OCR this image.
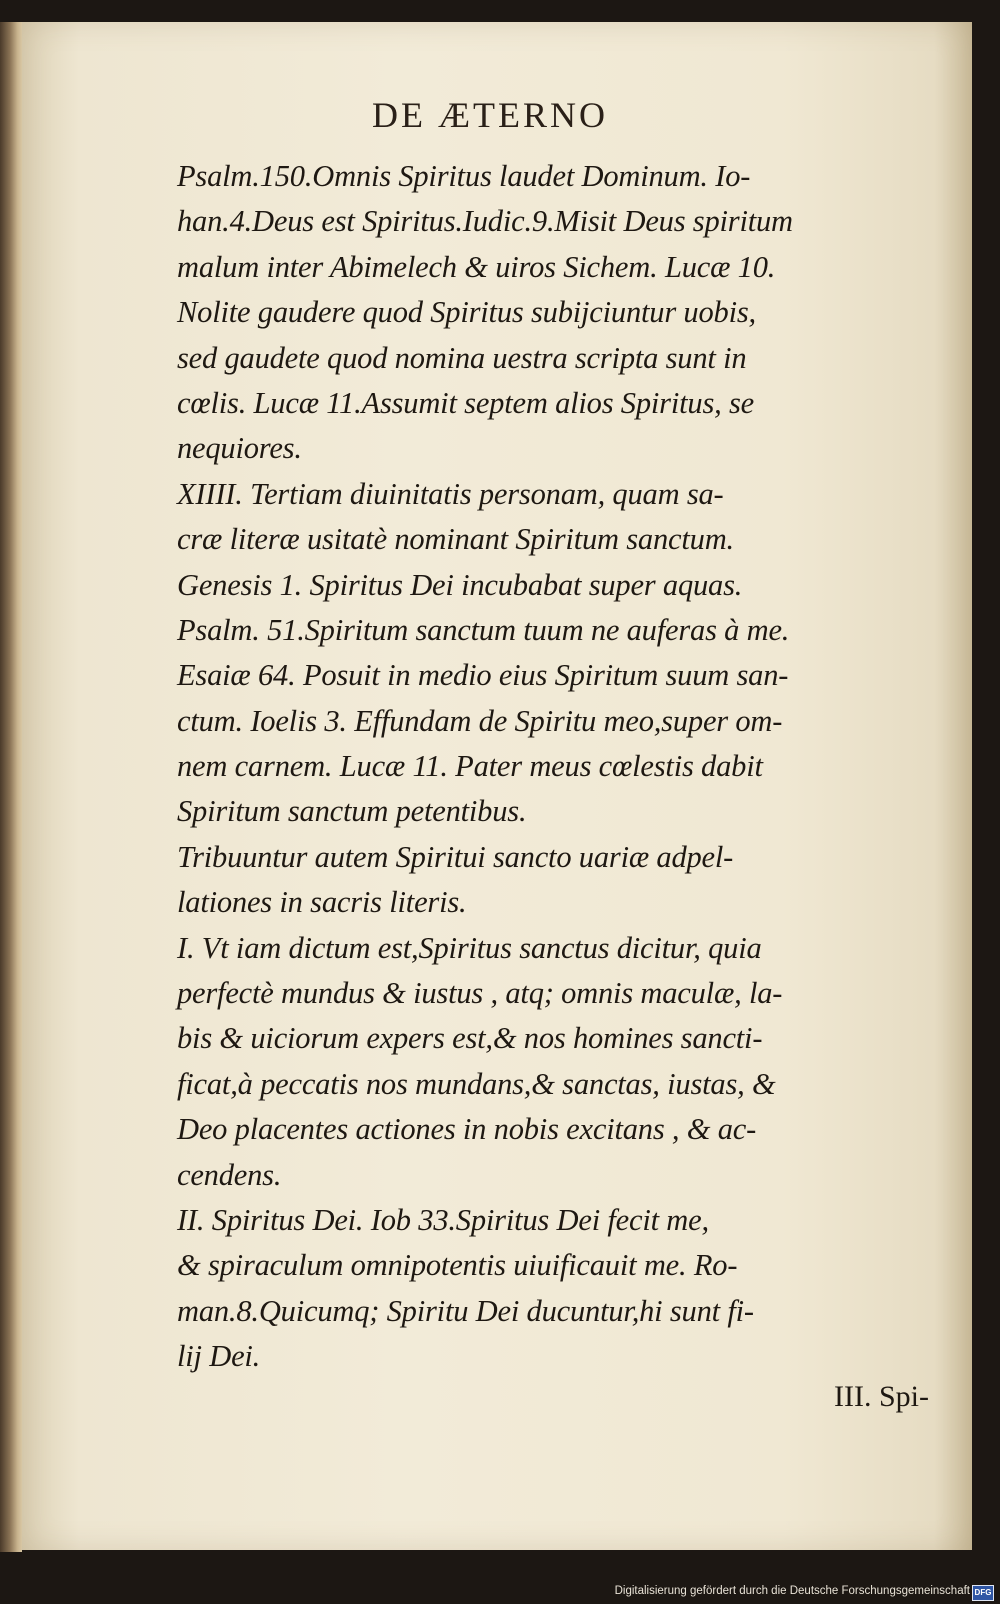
DE ÆTERNO
Psalm.150.Omnis Spiritus laudet Dominum. Io-
han.4.Deus est Spiritus.Iudic.9.Misit Deus spiritum
malum inter Abimelech & uiros Sichem. Lucæ 10.
Nolite gaudere quod Spiritus subijciuntur uobis,
sed gaudete quod nomina uestra scripta sunt in
cœlis. Lucæ 11.Assumit septem alios Spiritus, se
nequiores.
XIIII. Tertiam diuinitatis personam, quam sa-
cræ literæ usitatè nominant Spiritum sanctum.
Genesis 1. Spiritus Dei incubabat super aquas.
Psalm. 51.Spiritum sanctum tuum ne auferas à me.
Esaiæ 64. Posuit in medio eius Spiritum suum san-
ctum. Ioelis 3. Effundam de Spiritu meo,super om-
nem carnem. Lucæ 11. Pater meus cœlestis dabit
Spiritum sanctum petentibus.
Tribuuntur autem Spiritui sancto uariæ adpel-
lationes in sacris literis.
I. Vt iam dictum est,Spiritus sanctus dicitur, quia
perfectè mundus & iustus , atq; omnis maculæ, la-
bis & uiciorum expers est,& nos homines sancti-
ficat,à peccatis nos mundans,& sanctas, iustas, &
Deo placentes actiones in nobis excitans , & ac-
cendens.
II. Spiritus Dei. Iob 33.Spiritus Dei fecit me,
& spiraculum omnipotentis uiuificauit me. Ro-
man.8.Quicumq; Spiritu Dei ducuntur,hi sunt fi-
lij Dei.
III. Spi-
Digitalisierung gefördert durch die Deutsche Forschungsgemeinschaft DFG
